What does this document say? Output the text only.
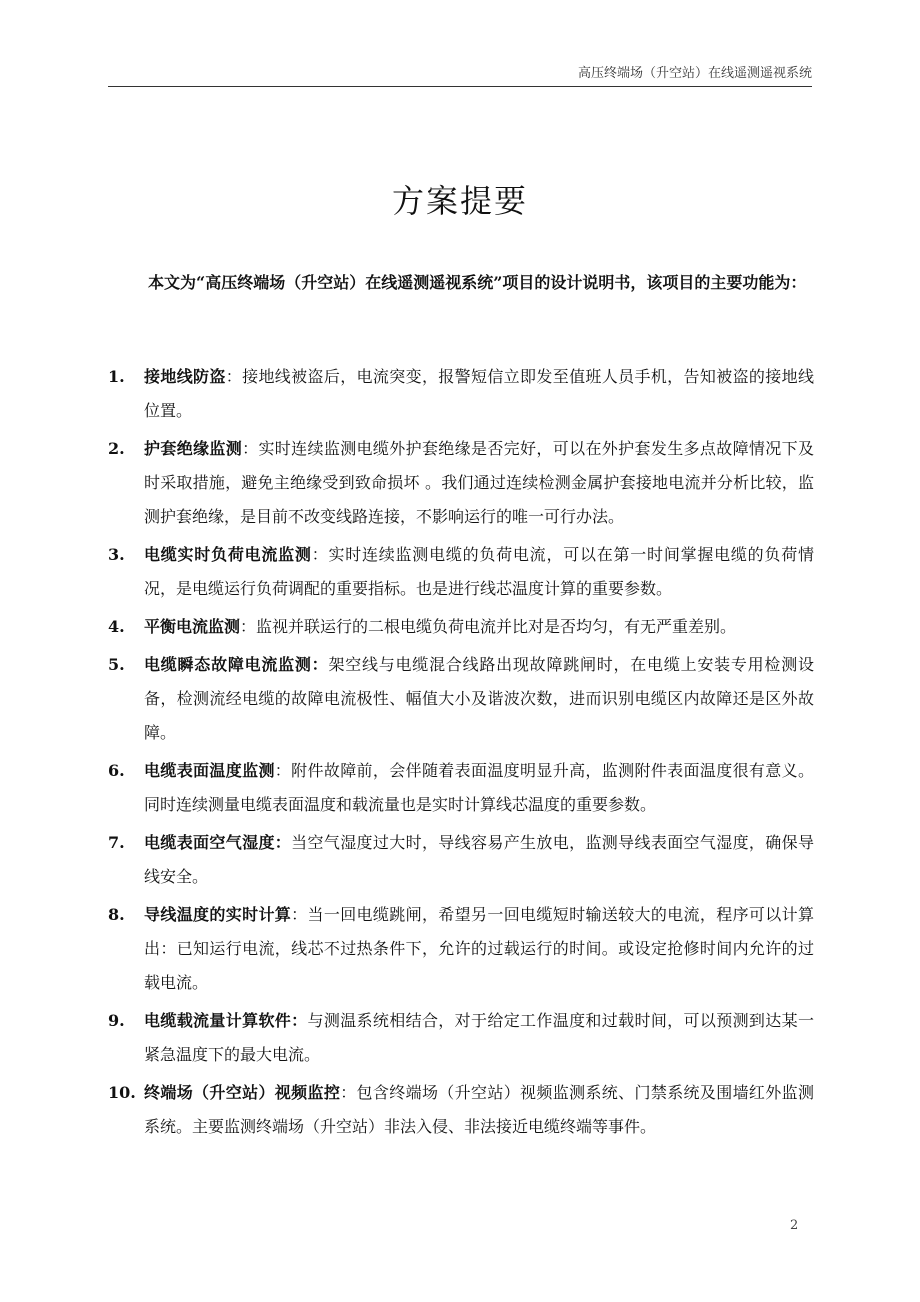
高压终端场（升空站）在线遥测遥视系统
方案提要

本文为“高压终端场（升空站）在线遥测遥视系统”项目的设计说明书，该项目的主要功能为：

1. 接地线防盗：接地线被盗后，电流突变，报警短信立即发至值班人员手机，告知被盗的接地线位置。
2. 护套绝缘监测：实时连续监测电缆外护套绝缘是否完好，可以在外护套发生多点故障情况下及时采取措施，避免主绝缘受到致命损坏 。我们通过连续检测金属护套接地电流并分析比较，监测护套绝缘，是目前不改变线路连接，不影响运行的唯一可行办法。
3. 电缆实时负荷电流监测：实时连续监测电缆的负荷电流，可以在第一时间掌握电缆的负荷情况，是电缆运行负荷调配的重要指标。也是进行线芯温度计算的重要参数。
4. 平衡电流监测：监视并联运行的二根电缆负荷电流并比对是否均匀，有无严重差别。
5. 电缆瞬态故障电流监测：架空线与电缆混合线路出现故障跳闸时，在电缆上安装专用检测设备，检测流经电缆的故障电流极性、幅值大小及谐波次数，进而识别电缆区内故障还是区外故障。
6. 电缆表面温度监测：附件故障前，会伴随着表面温度明显升高，监测附件表面温度很有意义。同时连续测量电缆表面温度和载流量也是实时计算线芯温度的重要参数。
7. 电缆表面空气湿度：当空气湿度过大时，导线容易产生放电，监测导线表面空气湿度，确保导线安全。
8. 导线温度的实时计算：当一回电缆跳闸，希望另一回电缆短时输送较大的电流，程序可以计算出：已知运行电流，线芯不过热条件下，允许的过载运行的时间。或设定抢修时间内允许的过载电流。
9. 电缆载流量计算软件：与测温系统相结合，对于给定工作温度和过载时间，可以预测到达某一紧急温度下的最大电流。
10. 终端场（升空站）视频监控：包含终端场（升空站）视频监测系统、门禁系统及围墙红外监测系统。主要监测终端场（升空站）非法入侵、非法接近电缆终端等事件。
2
